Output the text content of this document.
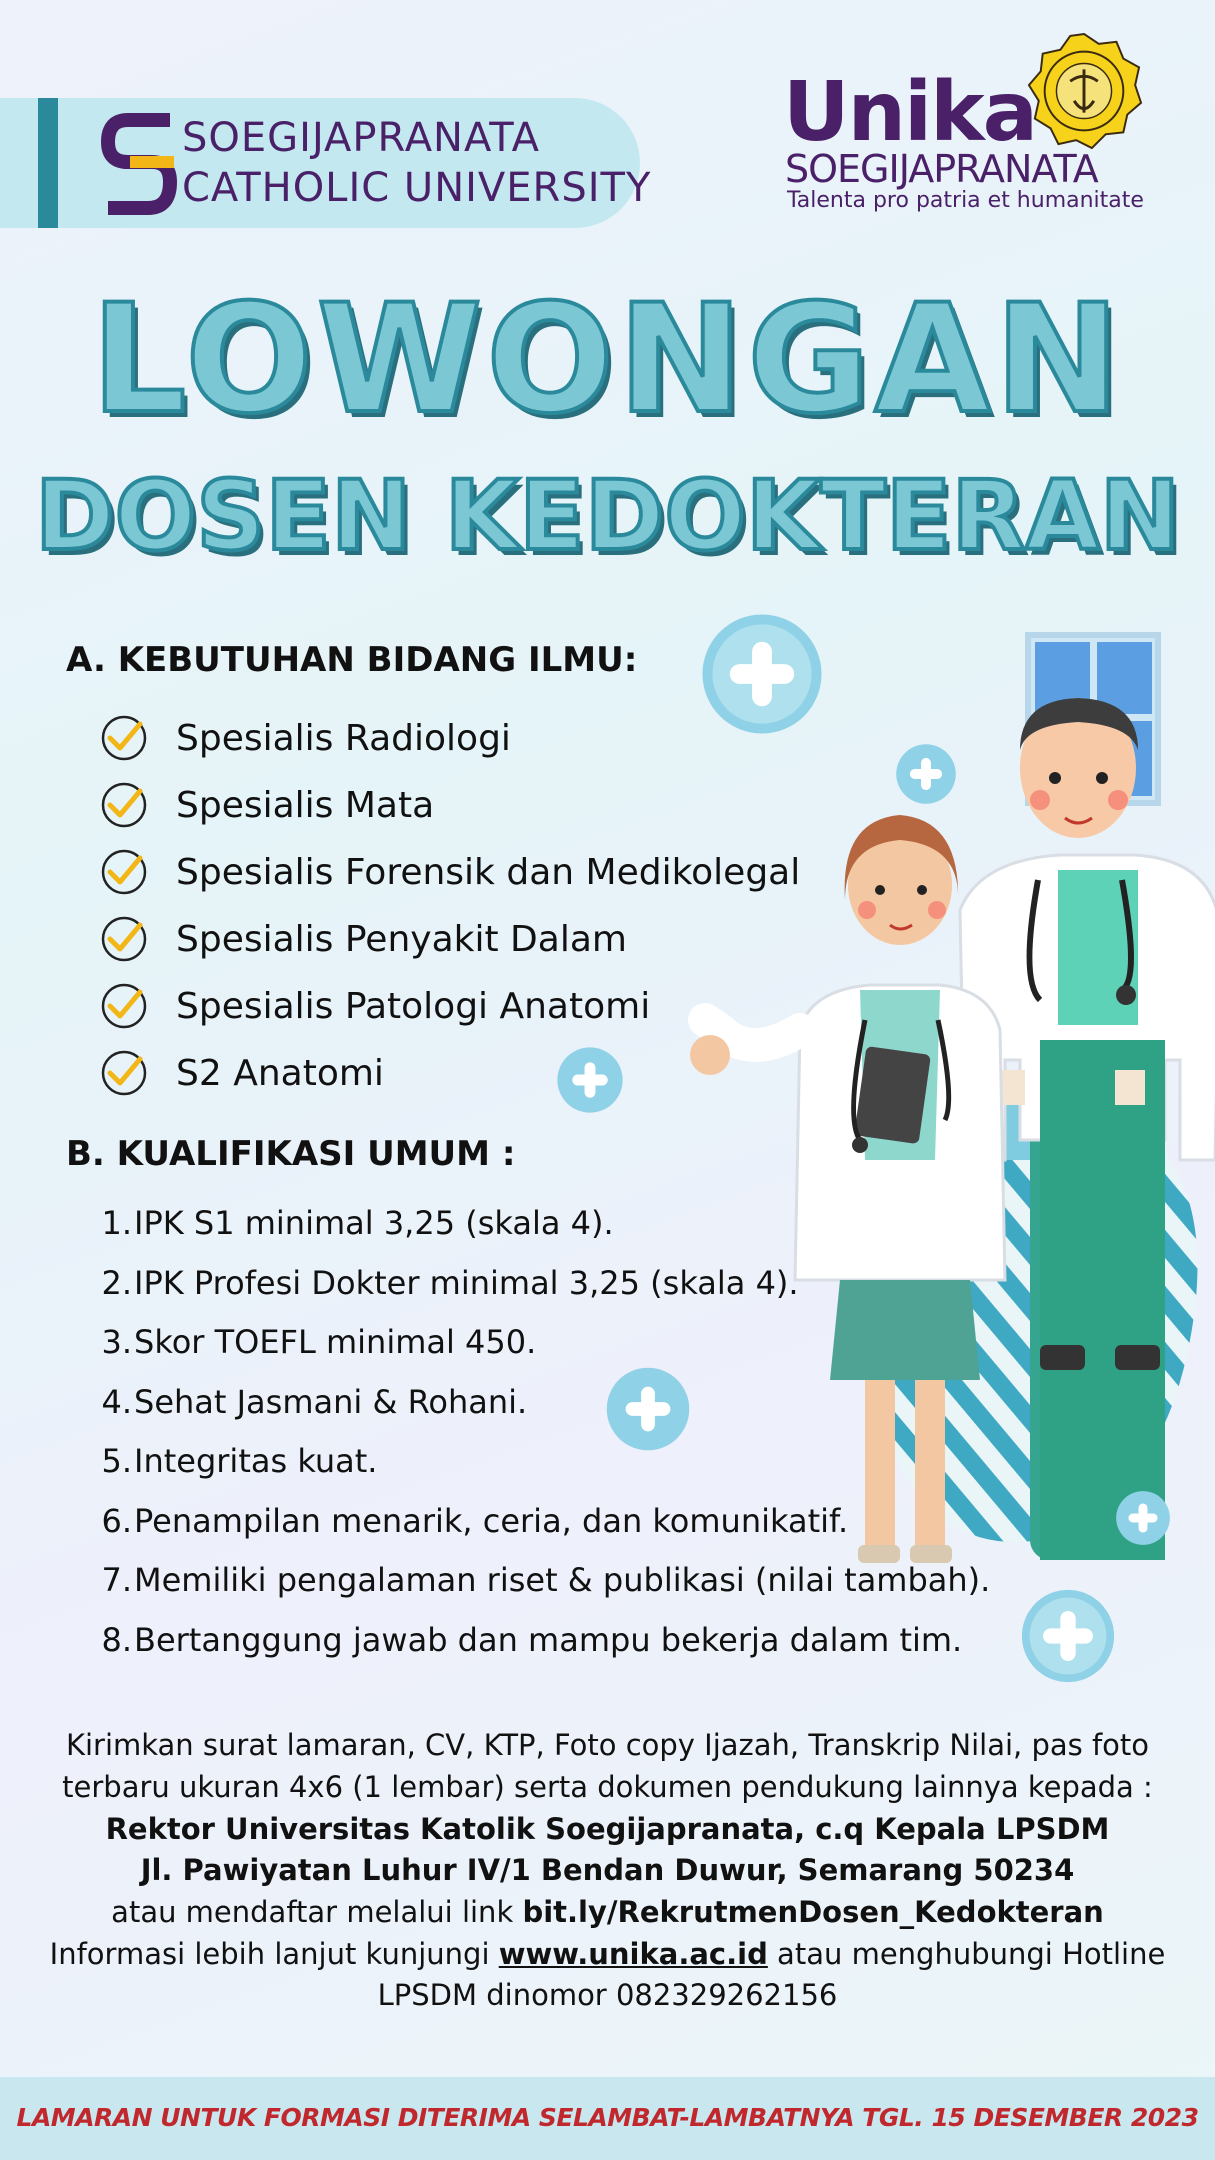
SOEGIJAPRANATA
CATHOLIC UNIVERSITY
Unika
SOEGIJAPRANATA
Talenta pro patria et humanitate
LOWONGAN
DOSEN KEDOKTERAN
A. KEBUTUHAN BIDANG ILMU:
Spesialis Radiologi
Spesialis Mata
Spesialis Forensik dan Medikolegal
Spesialis Penyakit Dalam
Spesialis Patologi Anatomi
S2 Anatomi
B. KUALIFIKASI UMUM :
1. IPK S1 minimal 3,25 (skala 4).
2. IPK Profesi Dokter minimal 3,25 (skala 4).
3. Skor TOEFL minimal 450.
4. Sehat Jasmani & Rohani.
5. Integritas kuat.
6. Penampilan menarik, ceria, dan komunikatif.
7. Memiliki pengalaman riset & publikasi (nilai tambah).
8. Bertanggung jawab dan mampu bekerja dalam tim.
Kirimkan surat lamaran, CV, KTP, Foto copy Ijazah, Transkrip Nilai, pas foto
terbaru ukuran 4x6 (1 lembar) serta dokumen pendukung lainnya kepada :
Rektor Universitas Katolik Soegijapranata, c.q Kepala LPSDM
Jl. Pawiyatan Luhur IV/1 Bendan Duwur, Semarang 50234
atau mendaftar melalui link bit.ly/RekrutmenDosen_Kedokteran
Informasi lebih lanjut kunjungi www.unika.ac.id atau menghubungi Hotline
LPSDM dinomor 082329262156
LAMARAN UNTUK FORMASI DITERIMA SELAMBAT-LAMBATNYA TGL. 15 DESEMBER 2023
